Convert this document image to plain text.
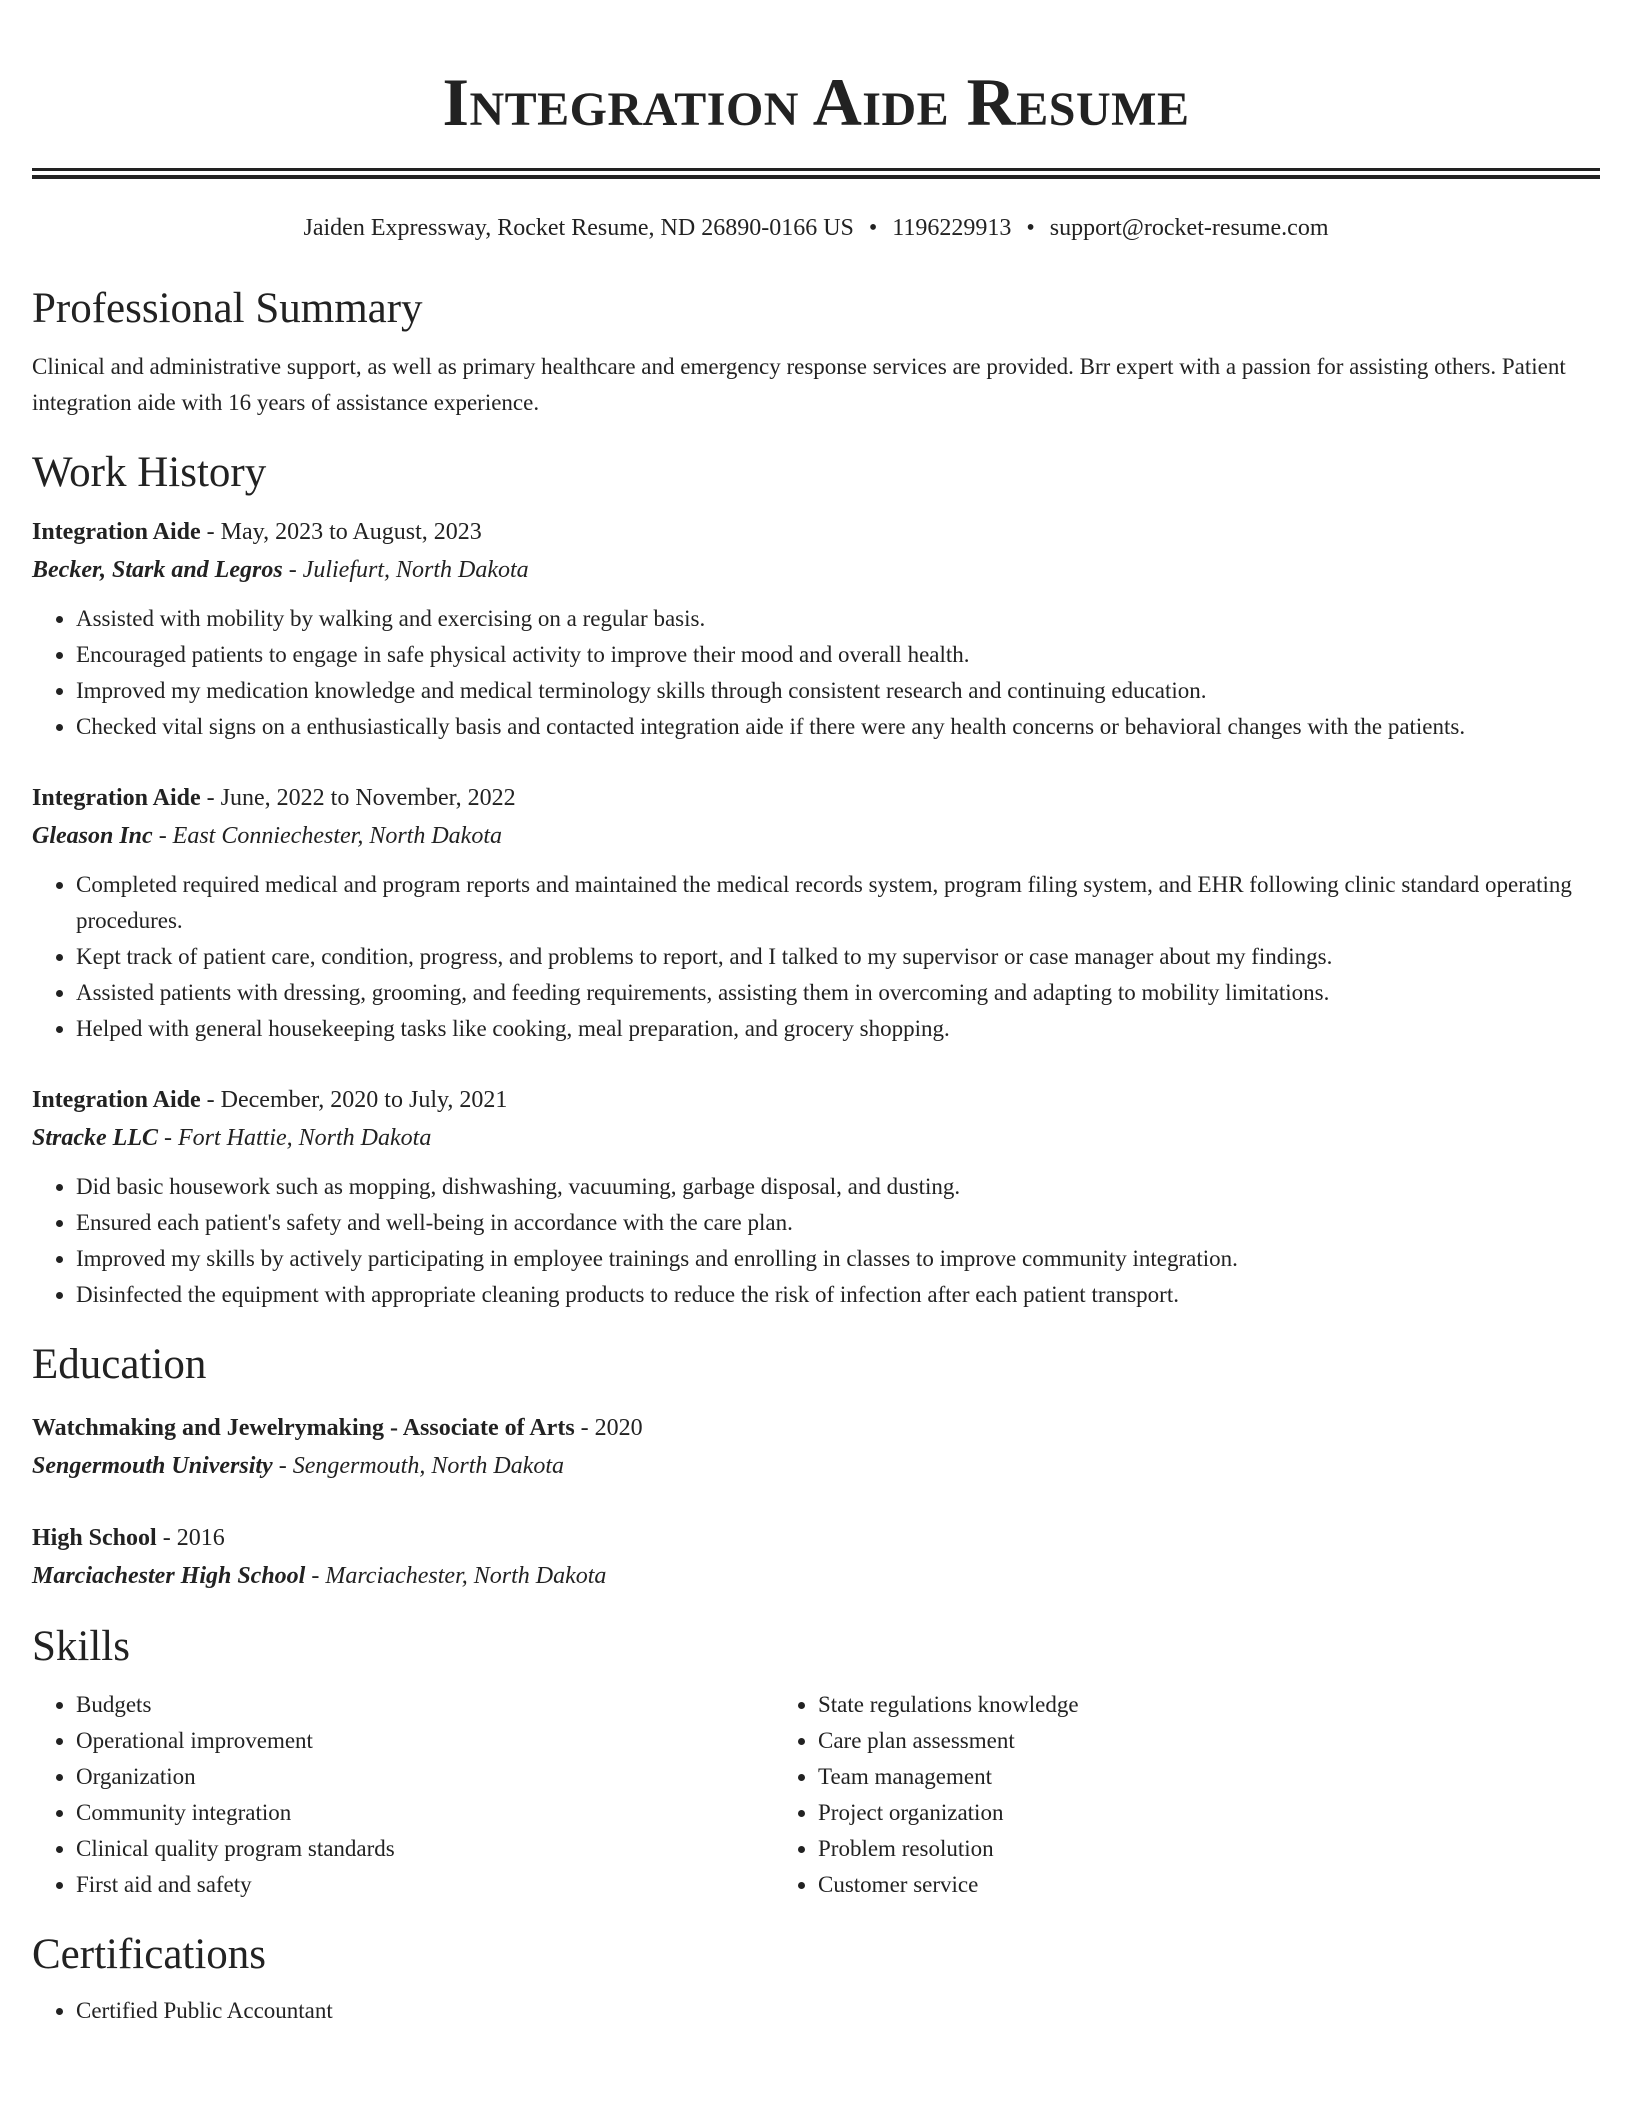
Integration Aide Resume
Jaiden Expressway, Rocket Resume, ND 26890-0166 US • 1196229913 • support@rocket-resume.com
Professional Summary
Clinical and administrative support, as well as primary healthcare and emergency response services are provided. Brr expert with a passion for assisting others. Patient integration aide with 16 years of assistance experience.
Work History
Integration Aide - May, 2023 to August, 2023
Becker, Stark and Legros - Juliefurt, North Dakota
• Assisted with mobility by walking and exercising on a regular basis.
• Encouraged patients to engage in safe physical activity to improve their mood and overall health.
• Improved my medication knowledge and medical terminology skills through consistent research and continuing education.
• Checked vital signs on a enthusiastically basis and contacted integration aide if there were any health concerns or behavioral changes with the patients.
Integration Aide - June, 2022 to November, 2022
Gleason Inc - East Conniechester, North Dakota
• Completed required medical and program reports and maintained the medical records system, program filing system, and EHR following clinic standard operating procedures.
• Kept track of patient care, condition, progress, and problems to report, and I talked to my supervisor or case manager about my findings.
• Assisted patients with dressing, grooming, and feeding requirements, assisting them in overcoming and adapting to mobility limitations.
• Helped with general housekeeping tasks like cooking, meal preparation, and grocery shopping.
Integration Aide - December, 2020 to July, 2021
Stracke LLC - Fort Hattie, North Dakota
• Did basic housework such as mopping, dishwashing, vacuuming, garbage disposal, and dusting.
• Ensured each patient's safety and well-being in accordance with the care plan.
• Improved my skills by actively participating in employee trainings and enrolling in classes to improve community integration.
• Disinfected the equipment with appropriate cleaning products to reduce the risk of infection after each patient transport.
Education
Watchmaking and Jewelrymaking - Associate of Arts - 2020
Sengermouth University - Sengermouth, North Dakota
High School - 2016
Marciachester High School - Marciachester, North Dakota
Skills
• Budgets
• Operational improvement
• Organization
• Community integration
• Clinical quality program standards
• First aid and safety
• State regulations knowledge
• Care plan assessment
• Team management
• Project organization
• Problem resolution
• Customer service
Certifications
• Certified Public Accountant
